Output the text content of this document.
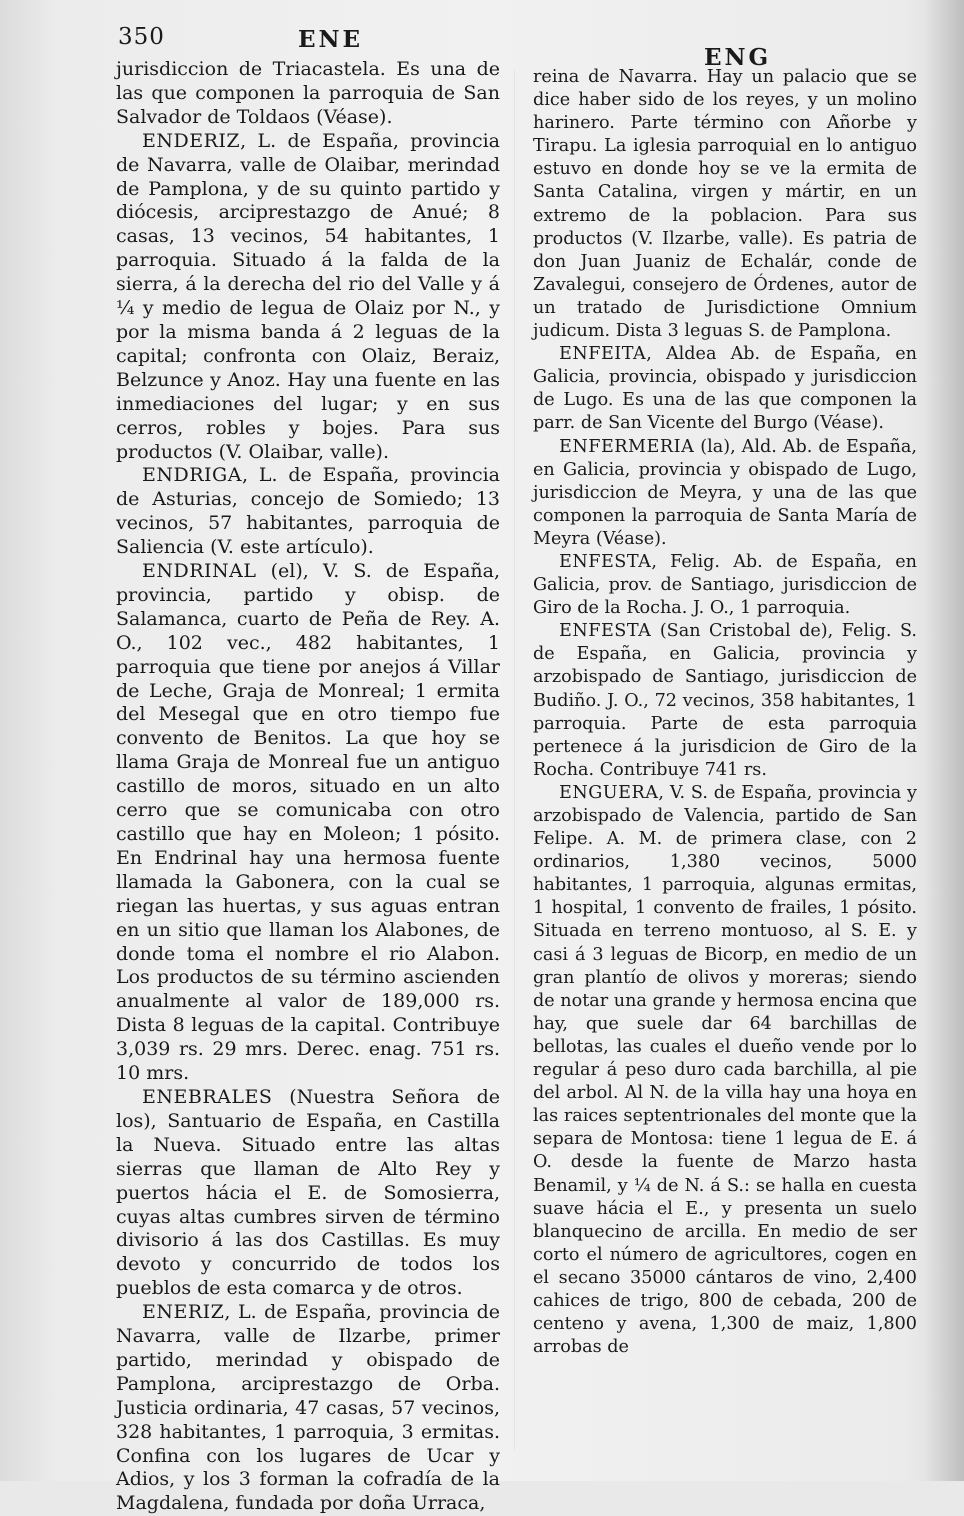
350	ENE
ENG

jurisdiccion de Triacastela. Es una de las que componen la parroquia de San Salvador de Toldaos (Véase).

ENDERIZ, L. de España, provincia de Navarra, valle de Olaibar, merindad de Pamplona, y de su quinto partido y diócesis, arciprestazgo de Anué; 8 casas, 13 vecinos, 54 habitantes, 1 parroquia. Situado á la falda de la sierra, á la derecha del rio del Valle y á ¼ y medio de legua de Olaiz por N., y por la misma banda á 2 leguas de la capital; confronta con Olaiz, Beraiz, Belzunce y Anoz. Hay una fuente en las inmediaciones del lugar; y en sus cerros, robles y bojes. Para sus productos (V. Olaibar, valle).

ENDRIGA, L. de España, provincia de Asturias, concejo de Somiedo; 13 vecinos, 57 habitantes, parroquia de Saliencia (V. este artículo).

ENDRINAL (el), V. S. de España, provincia, partido y obisp. de Salamanca, cuarto de Peña de Rey. A. O., 102 vec., 482 habitantes, 1 parroquia que tiene por anejos á Villar de Leche, Graja de Monreal; 1 ermita del Mesegal que en otro tiempo fue convento de Benitos. La que hoy se llama Graja de Monreal fue un antiguo castillo de moros, situado en un alto cerro que se comunicaba con otro castillo que hay en Moleon; 1 pósito. En Endrinal hay una hermosa fuente llamada la Gabonera, con la cual se riegan las huertas, y sus aguas entran en un sitio que llaman los Alabones, de donde toma el nombre el rio Alabon. Los productos de su término ascienden anualmente al valor de 189,000 rs. Dista 8 leguas de la capital. Contribuye 3,039 rs. 29 mrs. Derec. enag. 751 rs. 10 mrs.

ENEBRALES (Nuestra Señora de los), Santuario de España, en Castilla la Nueva. Situado entre las altas sierras que llaman de Alto Rey y puertos hácia el E. de Somosierra, cuyas altas cumbres sirven de término divisorio á las dos Castillas. Es muy devoto y concurrido de todos los pueblos de esta comarca y de otros.

ENERIZ, L. de España, provincia de Navarra, valle de Ilzarbe, primer partido, merindad y obispado de Pamplona, arciprestazgo de Orba. Justicia ordinaria, 47 casas, 57 vecinos, 328 habitantes, 1 parroquia, 3 ermitas. Confina con los lugares de Ucar y Adios, y los 3 forman la cofradía de la Magdalena, fundada por doña Urraca,

reina de Navarra. Hay un palacio que se dice haber sido de los reyes, y un molino harinero. Parte término con Añorbe y Tirapu. La iglesia parroquial en lo antiguo estuvo en donde hoy se ve la ermita de Santa Catalina, virgen y mártir, en un extremo de la poblacion. Para sus productos (V. Ilzarbe, valle). Es patria de don Juan Juaniz de Echalár, conde de Zavalegui, consejero de Órdenes, autor de un tratado de Jurisdictione Omnium judicum. Dista 3 leguas S. de Pamplona.

ENFEITA, Aldea Ab. de España, en Galicia, provincia, obispado y jurisdiccion de Lugo. Es una de las que componen la parr. de San Vicente del Burgo (Véase).

ENFERMERIA (la), Ald. Ab. de España, en Galicia, provincia y obispado de Lugo, jurisdiccion de Meyra, y una de las que componen la parroquia de Santa María de Meyra (Véase).

ENFESTA, Felig. Ab. de España, en Galicia, prov. de Santiago, jurisdiccion de Giro de la Rocha. J. O., 1 parroquia.

ENFESTA (San Cristobal de), Felig. S. de España, en Galicia, provincia y arzobispado de Santiago, jurisdiccion de Budiño. J. O., 72 vecinos, 358 habitantes, 1 parroquia. Parte de esta parroquia pertenece á la jurisdicion de Giro de la Rocha. Contribuye 741 rs.

ENGUERA, V. S. de España, provincia y arzobispado de Valencia, partido de San Felipe. A. M. de primera clase, con 2 ordinarios, 1,380 vecinos, 5000 habitantes, 1 parroquia, algunas ermitas, 1 hospital, 1 convento de frailes, 1 pósito. Situada en terreno montuoso, al S. E. y casi á 3 leguas de Bicorp, en medio de un gran plantío de olivos y moreras; siendo de notar una grande y hermosa encina que hay, que suele dar 64 barchillas de bellotas, las cuales el dueño vende por lo regular á peso duro cada barchilla, al pie del arbol. Al N. de la villa hay una hoya en las raices septentrionales del monte que la separa de Montosa: tiene 1 legua de E. á O. desde la fuente de Marzo hasta Benamil, y ¼ de N. á S.: se halla en cuesta suave hácia el E., y presenta un suelo blanquecino de arcilla. En medio de ser corto el número de agricultores, cogen en el secano 35000 cántaros de vino, 2,400 cahices de trigo, 800 de cebada, 200 de centeno y avena, 1,300 de maiz, 1,800 arrobas de
